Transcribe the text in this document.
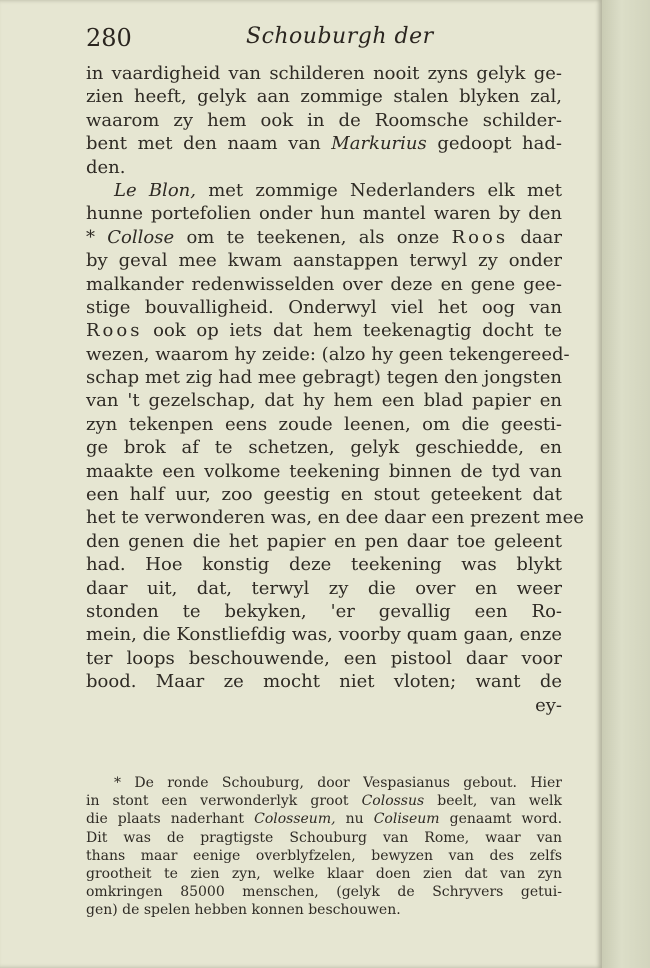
280	Schouburgh der
in vaardigheid van schilderen nooit zyns gelyk ge-
zien heeft, gelyk aan zommige stalen blyken zal,
waarom zy hem ook in de Roomsche schilder-
bent met den naam van Markurius gedoopt had-
den.
Le Blon, met zommige Nederlanders elk met
hunne portefolien onder hun mantel waren by den
* Collose om te teekenen, als onze Roos daar
by geval mee kwam aanstappen terwyl zy onder
malkander redenwisselden over deze en gene gee-
stige bouvalligheid. Onderwyl viel het oog van
Roos ook op iets dat hem teekenagtig docht te
wezen, waarom hy zeide: (alzo hy geen tekengereed-
schap met zig had mee gebragt) tegen den jongsten
van 't gezelschap, dat hy hem een blad papier en
zyn tekenpen eens zoude leenen, om die geesti-
ge brok af te schetzen, gelyk geschiedde, en
maakte een volkome teekening binnen de tyd van
een half uur, zoo geestig en stout geteekent dat
het te verwonderen was, en dee daar een prezent mee
den genen die het papier en pen daar toe geleent
had. Hoe konstig deze teekening was blykt
daar uit, dat, terwyl zy die over en weer
stonden te bekyken, 'er gevallig een Ro-
mein, die Konstliefdig was, voorby quam gaan, enze
ter loops beschouwende, een pistool daar voor
bood. Maar ze mocht niet vloten; want de
ey-
* De ronde Schouburg, door Vespasianus gebout. Hier
in stont een verwonderlyk groot Colossus beelt, van welk
die plaats naderhant Colosseum, nu Coliseum genaamt word.
Dit was de pragtigste Schouburg van Rome, waar van
thans maar eenige overblyfzelen, bewyzen van des zelfs
grootheit te zien zyn, welke klaar doen zien dat van zyn
omkringen 85000 menschen, (gelyk de Schryvers getui-
gen) de spelen hebben konnen beschouwen.
